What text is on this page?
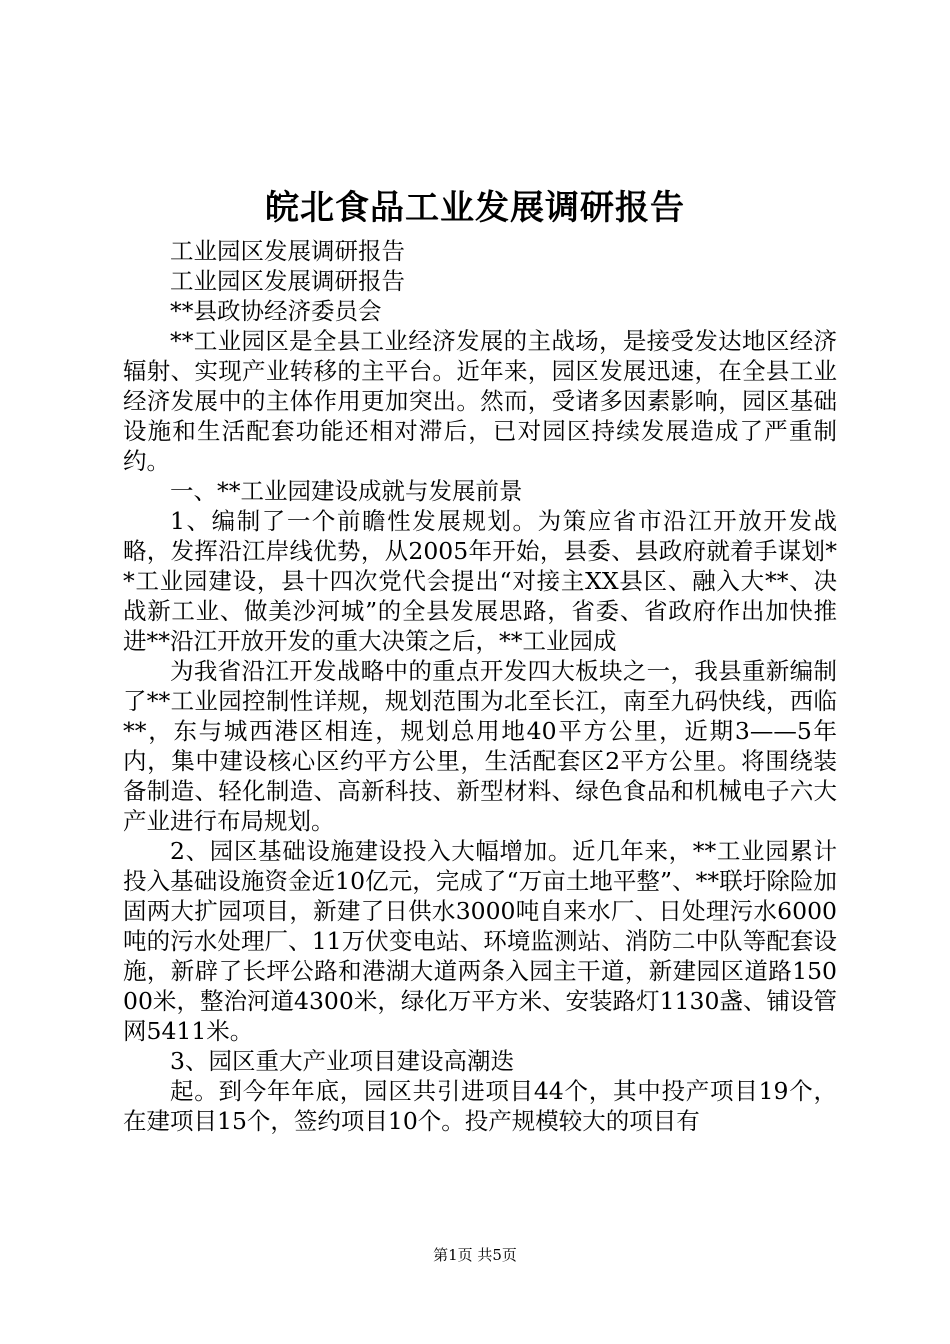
皖北食品工业发展调研报告

工业园区发展调研报告

工业园区发展调研报告

**县政协经济委员会

**工业园区是全县工业经济发展的主战场，是接受发达地区经济辐射、实现产业转移的主平台。近年来，园区发展迅速，在全县工业经济发展中的主体作用更加突出。然而，受诸多因素影响，园区基础设施和生活配套功能还相对滞后，已对园区持续发展造成了严重制约。

一、**工业园建设成就与发展前景

1、编制了一个前瞻性发展规划。为策应省市沿江开放开发战略，发挥沿江岸线优势，从2005年开始，县委、县政府就着手谋划**工业园建设，县十四次党代会提出“对接主XX县区、融入大**、决战新工业、做美沙河城”的全县发展思路，省委、省政府作出加快推进**沿江开放开发的重大决策之后，**工业园成

为我省沿江开发战略中的重点开发四大板块之一，我县重新编制了**工业园控制性详规，规划范围为北至长江，南至九码快线，西临**，东与城西港区相连，规划总用地40平方公里，近期3——5年内，集中建设核心区约平方公里，生活配套区2平方公里。将围绕装备制造、轻化制造、高新科技、新型材料、绿色食品和机械电子六大产业进行布局规划。

2、园区基础设施建设投入大幅增加。近几年来，**工业园累计投入基础设施资金近10亿元，完成了“万亩土地平整”、**联圩除险加固两大扩园项目，新建了日供水3000吨自来水厂、日处理污水6000吨的污水处理厂、11万伏变电站、环境监测站、消防二中队等配套设施，新辟了长坪公路和港湖大道两条入园主干道，新建园区道路15000米，整治河道4300米，绿化万平方米、安装路灯1130盏、铺设管网5411米。

3、园区重大产业项目建设高潮迭

起。到今年年底，园区共引进项目44个，其中投产项目19个，在建项目15个，签约项目10个。投产规模较大的项目有

第1页 共5页
